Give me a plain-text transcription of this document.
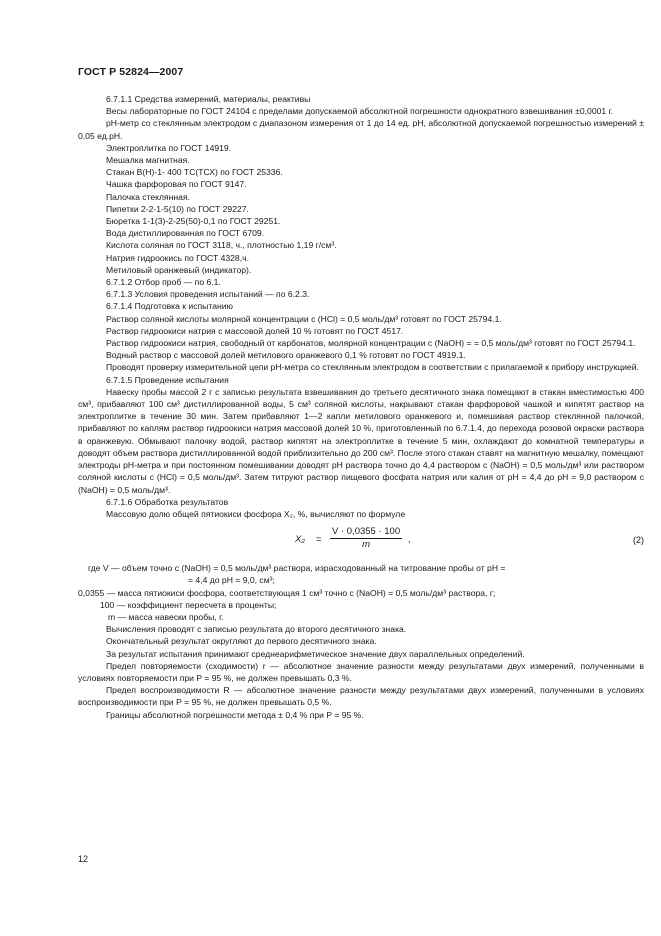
ГОСТ Р 52824—2007

6.7.1.1 Средства измерений, материалы, реактивы

Весы лабораторные по ГОСТ 24104 с пределами допускаемой абсолютной погрешности однократного взвешивания ±0,0001 г.

pH-метр со стеклянным электродом с диапазоном измерения от 1 до 14 ед. pH, абсолютной допускаемой погрешностью измерений ± 0,05 ед.pH.

Электроплитка по ГОСТ 14919.

Мешалка магнитная.

Стакан В(Н)-1- 400 ТС(ТСХ) по ГОСТ 25336.

Чашка фарфоровая по ГОСТ 9147.

Палочка стеклянная.

Пипетки 2-2-1-5(10) по ГОСТ 29227.

Бюретка 1-1(3)-2-25(50)-0,1 по ГОСТ 29251.

Вода дистиллированная по ГОСТ 6709.

Кислота соляная по ГОСТ 3118, ч., плотностью 1,19 г/см³.

Натрия гидроокись по ГОСТ 4328,ч.

Метиловый оранжевый (индикатор).

6.7.1.2 Отбор проб — по 6.1.

6.7.1.3 Условия проведения испытаний — по 6.2.3.

6.7.1.4 Подготовка к испытанию

Раствор соляной кислоты молярной концентрации c (HCl) = 0,5 моль/дм³ готовят по ГОСТ 25794.1.

Раствор гидроокиси натрия с массовой долей 10 % готовят по ГОСТ 4517.

Раствор гидроокиси натрия, свободный от карбонатов, молярной концентрации c (NaOH) = = 0,5 моль/дм³ готовят по ГОСТ 25794.1.

Водный раствор с массовой долей метилового оранжевого 0,1 % готовят по ГОСТ 4919.1.

Проводят проверку измерительной цепи рН-метра со стеклянным электродом в соответствии с прилагаемой к прибору инструкцией.

6.7.1.5 Проведение испытания

Навеску пробы массой 2 г с записью результата взвешивания до третьего десятичного знака помещают в стакан вместимостью 400 см³, прибавляют 100 см³ дистиллированной воды, 5 см³ соляной кислоты, накрывают стакан фарфоровой чашкой и кипятят раствор на электроплитке в течение 30 мин. Затем прибавляют 1—2 капли метилового оранжевого и, помешивая раствор стеклянной палочкой, прибавляют по каплям раствор гидроокиси натрия массовой долей 10 %, приготовленный по 6.7.1.4, до перехода розовой окраски раствора в оранжевую. Обмывают палочку водой, раствор кипятят на электроплитке в течение 5 мин, охлаждают до комнатной температуры и доводят объем раствора дистиллированной водой приблизительно до 200 см³. После этого стакан ставят на магнитную мешалку, помещают электроды рН-метра и при постоянном помешивании доводят рН раствора точно до 4,4 раствором c (NaOH) = 0,5 моль/дм³ или раствором соляной кислоты c (HCl) = 0,5 моль/дм³. Затем титруют раствор пищевого фосфата натрия или калия от рН = 4,4 до рН = 9,0 раствором c (NaOH) = 0,5 моль/дм³.

6.7.1.6 Обработка результатов

Массовую долю общей пятиокиси фосфора X₂, %, вычисляют по формуле

$X_2 = \frac{V \cdot 0,0355 \cdot 100}{m}$ ,	(2)

где V — объем точно c (NaOH) = 0,5 моль/дм³ раствора, израсходованный на титрование пробы от pH =

= 4,4 до pH = 9,0, см³;

0,0355 — масса пятиокиси фосфора, соответствующая 1 см³ точно c (NaOH) = 0,5 моль/дм³ раствора, г;

100 — коэффициент пересчета в проценты;

m — масса навески пробы, г.

Вычисления проводят с записью результата до второго десятичного знака.

Окончательный результат округляют до первого десятичного знака.

За результат испытания принимают среднеарифметическое значение двух параллельных определений.

Предел повторяемости (сходимости) r — абсолютное значение разности между результатами двух измерений, полученными в условиях повторяемости при P = 95 %, не должен превышать 0,3 %.

Предел воспроизводимости R — абсолютное значение разности между результатами двух измерений, полученными в условиях воспроизводимости при P = 95 %, не должен превышать 0,5 %.

Границы абсолютной погрешности метода ± 0,4 % при P = 95 %.

12
